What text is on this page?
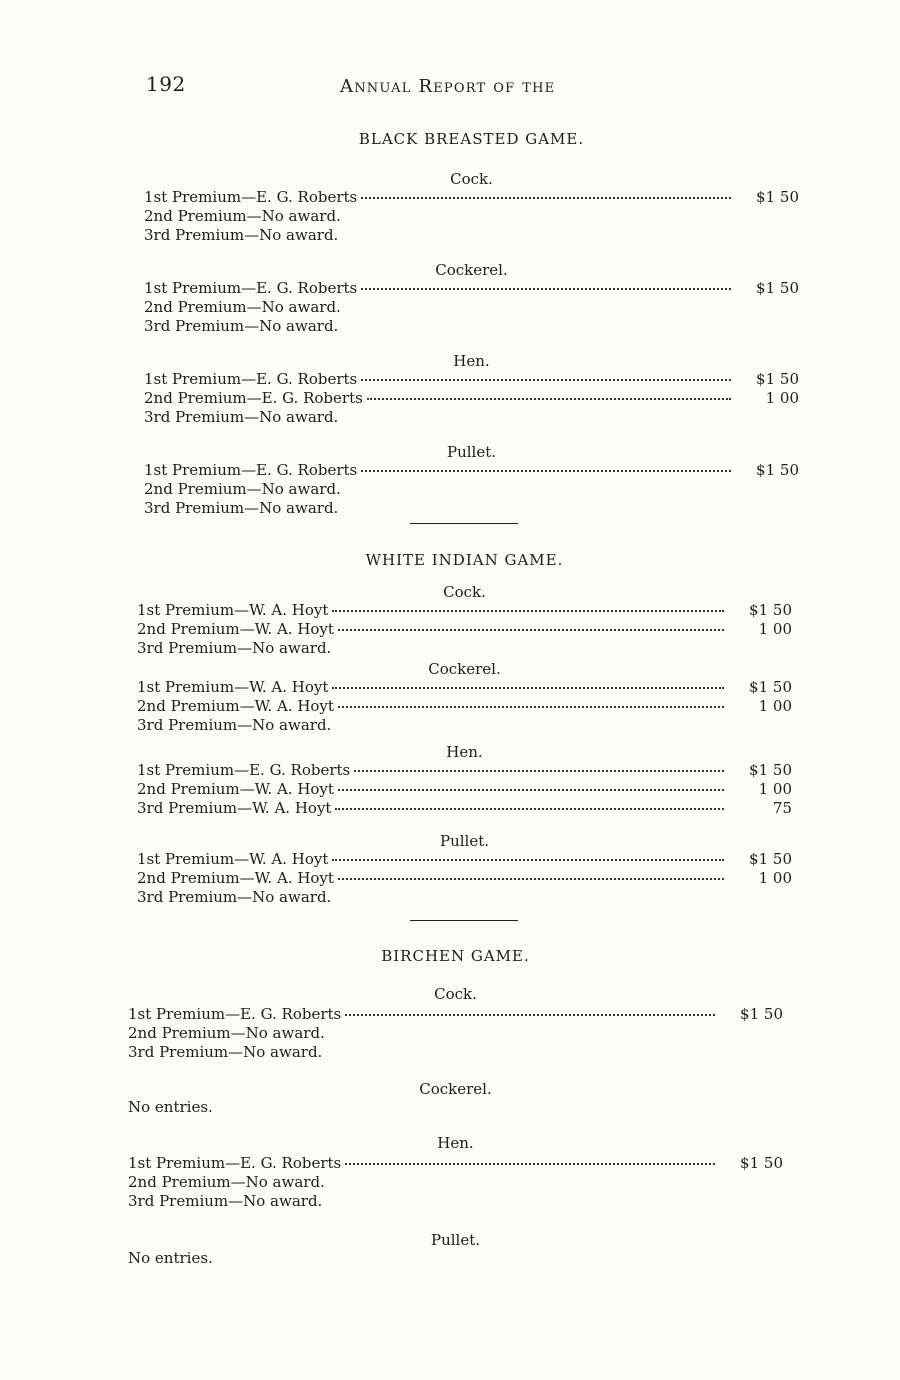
192	Annual Report of the
BLACK BREASTED GAME.
Cock.
1st Premium—E. G. Roberts	$1 50
2nd Premium—No award.
3rd Premium—No award.
Cockerel.
1st Premium—E. G. Roberts	$1 50
2nd Premium—No award.
3rd Premium—No award.
Hen.
1st Premium—E. G. Roberts	$1 50
2nd Premium—E. G. Roberts	1 00
3rd Premium—No award.
Pullet.
1st Premium—E. G. Roberts	$1 50
2nd Premium—No award.
3rd Premium—No award.
WHITE INDIAN GAME.
Cock.
1st Premium—W. A. Hoyt	$1 50
2nd Premium—W. A. Hoyt	1 00
3rd Premium—No award.
Cockerel.
1st Premium—W. A. Hoyt	$1 50
2nd Premium—W. A. Hoyt	1 00
3rd Premium—No award.
Hen.
1st Premium—E. G. Roberts	$1 50
2nd Premium—W. A. Hoyt	1 00
3rd Premium—W. A. Hoyt	75
Pullet.
1st Premium—W. A. Hoyt	$1 50
2nd Premium—W. A. Hoyt	1 00
3rd Premium—No award.
BIRCHEN GAME.
Cock.
1st Premium—E. G. Roberts	$1 50
2nd Premium—No award.
3rd Premium—No award.
Cockerel.
No entries.
Hen.
1st Premium—E. G. Roberts	$1 50
2nd Premium—No award.
3rd Premium—No award.
Pullet.
No entries.
